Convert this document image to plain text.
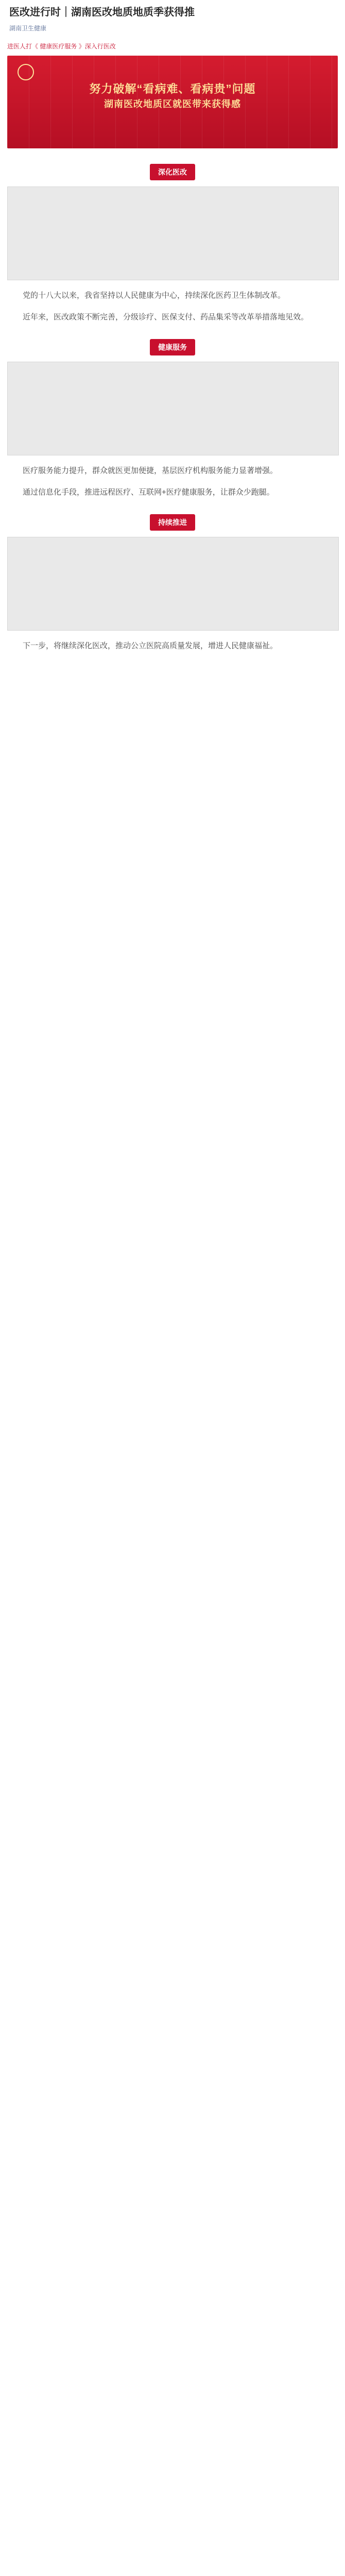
医改进行时｜湖南医改地质地质季获得推
湖南卫生健康
进医人打《 健康医疗服务 》深入行医改
努力破解“看病难、看病贵”问题
湖南医改地质区就医带来获得感
深化医改

党的十八大以来，我省坚持以人民健康为中心，持续深化医药卫生体制改革。

近年来，医改政策不断完善，分级诊疗、医保支付、药品集采等改革举措落地见效。

健康服务

医疗服务能力提升，群众就医更加便捷，基层医疗机构服务能力显著增强。

通过信息化手段，推进远程医疗、互联网+医疗健康服务，让群众少跑腿。

持续推进

下一步，将继续深化医改，推动公立医院高质量发展，增进人民健康福祉。
